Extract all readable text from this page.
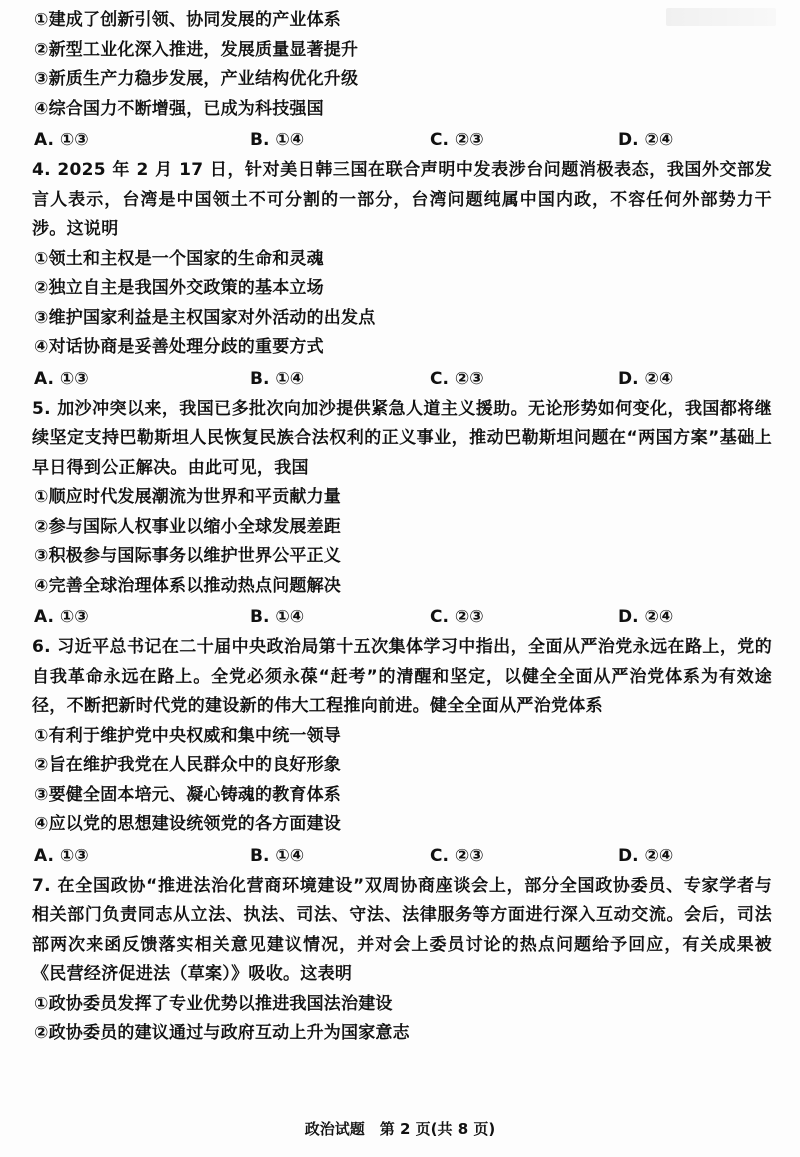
①建成了创新引领、协同发展的产业体系
②新型工业化深入推进，发展质量显著提升
③新质生产力稳步发展，产业结构优化升级
④综合国力不断增强，已成为科技强国
A. ①③	B. ①④	C. ②③	D. ②④
4. 2025 年 2 月 17 日，针对美日韩三国在联合声明中发表涉台问题消极表态，我国外交部发言人表示，台湾是中国领土不可分割的一部分，台湾问题纯属中国内政，不容任何外部势力干涉。这说明
①领土和主权是一个国家的生命和灵魂
②独立自主是我国外交政策的基本立场
③维护国家利益是主权国家对外活动的出发点
④对话协商是妥善处理分歧的重要方式
A. ①③	B. ①④	C. ②③	D. ②④
5. 加沙冲突以来，我国已多批次向加沙提供紧急人道主义援助。无论形势如何变化，我国都将继续坚定支持巴勒斯坦人民恢复民族合法权利的正义事业，推动巴勒斯坦问题在“两国方案”基础上早日得到公正解决。由此可见，我国
①顺应时代发展潮流为世界和平贡献力量
②参与国际人权事业以缩小全球发展差距
③积极参与国际事务以维护世界公平正义
④完善全球治理体系以推动热点问题解决
A. ①③	B. ①④	C. ②③	D. ②④
6. 习近平总书记在二十届中央政治局第十五次集体学习中指出，全面从严治党永远在路上，党的自我革命永远在路上。全党必须永葆“赶考”的清醒和坚定，以健全全面从严治党体系为有效途径，不断把新时代党的建设新的伟大工程推向前进。健全全面从严治党体系
①有利于维护党中央权威和集中统一领导
②旨在维护我党在人民群众中的良好形象
③要健全固本培元、凝心铸魂的教育体系
④应以党的思想建设统领党的各方面建设
A. ①③	B. ①④	C. ②③	D. ②④
7. 在全国政协“推进法治化营商环境建设”双周协商座谈会上，部分全国政协委员、专家学者与相关部门负责同志从立法、执法、司法、守法、法律服务等方面进行深入互动交流。会后，司法部两次来函反馈落实相关意见建议情况，并对会上委员讨论的热点问题给予回应，有关成果被《民营经济促进法（草案）》吸收。这表明
①政协委员发挥了专业优势以推进我国法治建设
②政协委员的建议通过与政府互动上升为国家意志
政治试题　第 2 页(共 8 页)
